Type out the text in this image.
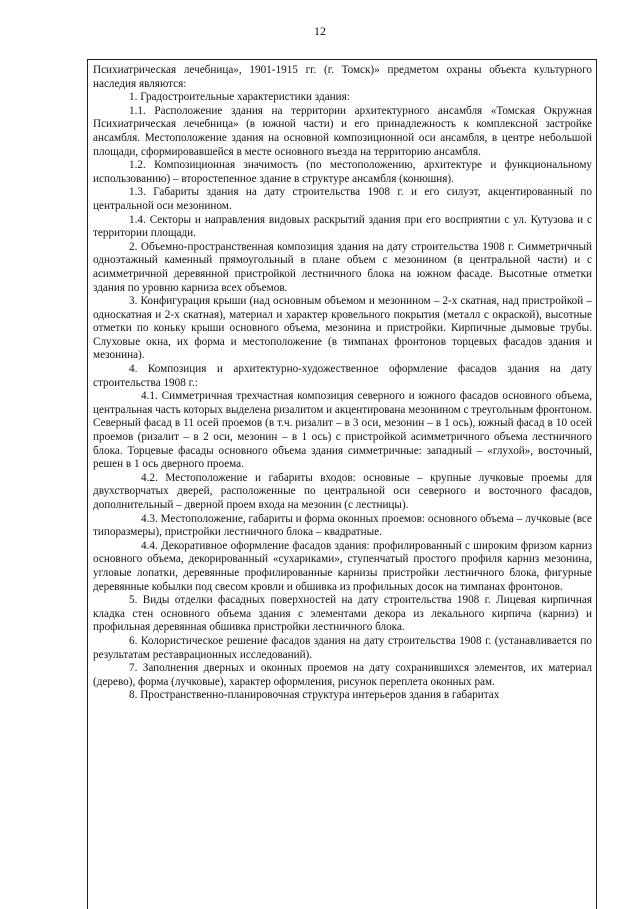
12

Психиатрическая лечебница», 1901-1915 гг. (г. Томск)» предметом охраны объекта культурного наследия являются:

1. Градостроительные характеристики здания:

1.1. Расположение здания на территории архитектурного ансамбля «Томская Окружная Психиатрическая лечебница» (в южной части) и его принадлежность к комплексной застройке ансамбля. Местоположение здания на основной композиционной оси ансамбля, в центре небольшой площади, сформировавшейся в месте основного въезда на территорию ансамбля.

1.2. Композиционная значимость (по местоположению, архитектуре и функциональному использованию) – второстепенное здание в структуре ансамбля (конюшня).

1.3. Габариты здания на дату строительства 1908 г. и его силуэт, акцентированный по центральной оси мезонином.

1.4. Секторы и направления видовых раскрытий здания при его восприятии с ул. Кутузова и с территории площади.

2. Объемно-пространственная композиция здания на дату строительства 1908 г. Симметричный одноэтажный каменный прямоугольный в плане объем с мезонином (в центральной части) и с асимметричной деревянной пристройкой лестничного блока на южном фасаде. Высотные отметки здания по уровню карниза всех объемов.

3. Конфигурация крыши (над основным объемом и мезонином – 2-х скатная, над пристройкой – односкатная и 2-х скатная), материал и характер кровельного покрытия (металл с окраской), высотные отметки по коньку крыши основного объема, мезонина и пристройки. Кирпичные дымовые трубы. Слуховые окна, их форма и местоположение (в тимпанах фронтонов торцевых фасадов здания и мезонина).

4. Композиция и архитектурно-художественное оформление фасадов здания на дату строительства 1908 г.:

4.1. Симметричная трехчастная композиция северного и южного фасадов основного объема, центральная часть которых выделена ризалитом и акцентирована мезонином с треугольным фронтоном. Северный фасад в 11 осей проемов (в т.ч. ризалит – в 3 оси, мезонин – в 1 ось), южный фасад в 10 осей проемов (ризалит – в 2 оси, мезонин – в 1 ось) с пристройкой асимметричного объема лестничного блока. Торцевые фасады основного объема здания симметричные: западный – «глухой», восточный, решен в 1 ось дверного проема.

4.2. Местоположение и габариты входов: основные – крупные лучковые проемы для двухстворчатых дверей, расположенные по центральной оси северного и восточного фасадов, дополнительный – дверной проем входа на мезонин (с лестницы).

4.3. Местоположение, габариты и форма оконных проемов: основного объема – лучковые (все типоразмеры), пристройки лестничного блока – квадратные.

4.4. Декоративное оформление фасадов здания: профилированный с широким фризом карниз основного объема, декорированный «сухариками», ступенчатый простого профиля карниз мезонина, угловые лопатки, деревянные профилированные карнизы пристройки лестничного блока, фигурные деревянные кобылки под свесом кровли и обшивка из профильных досок на тимпанах фронтонов.

5. Виды отделки фасадных поверхностей на дату строительства 1908 г. Лицевая кирпичная кладка стен основного объема здания с элементами декора из лекального кирпича (карниз) и профильная деревянная обшивка пристройки лестничного блока.

6. Колористическое решение фасадов здания на дату строительства 1908 г. (устанавливается по результатам реставрационных исследований).

7. Заполнения дверных и оконных проемов на дату сохранившихся элементов, их материал (дерево), форма (лучковые), характер оформления, рисунок переплета оконных рам.

8. Пространственно-планировочная структура интерьеров здания в габаритах
